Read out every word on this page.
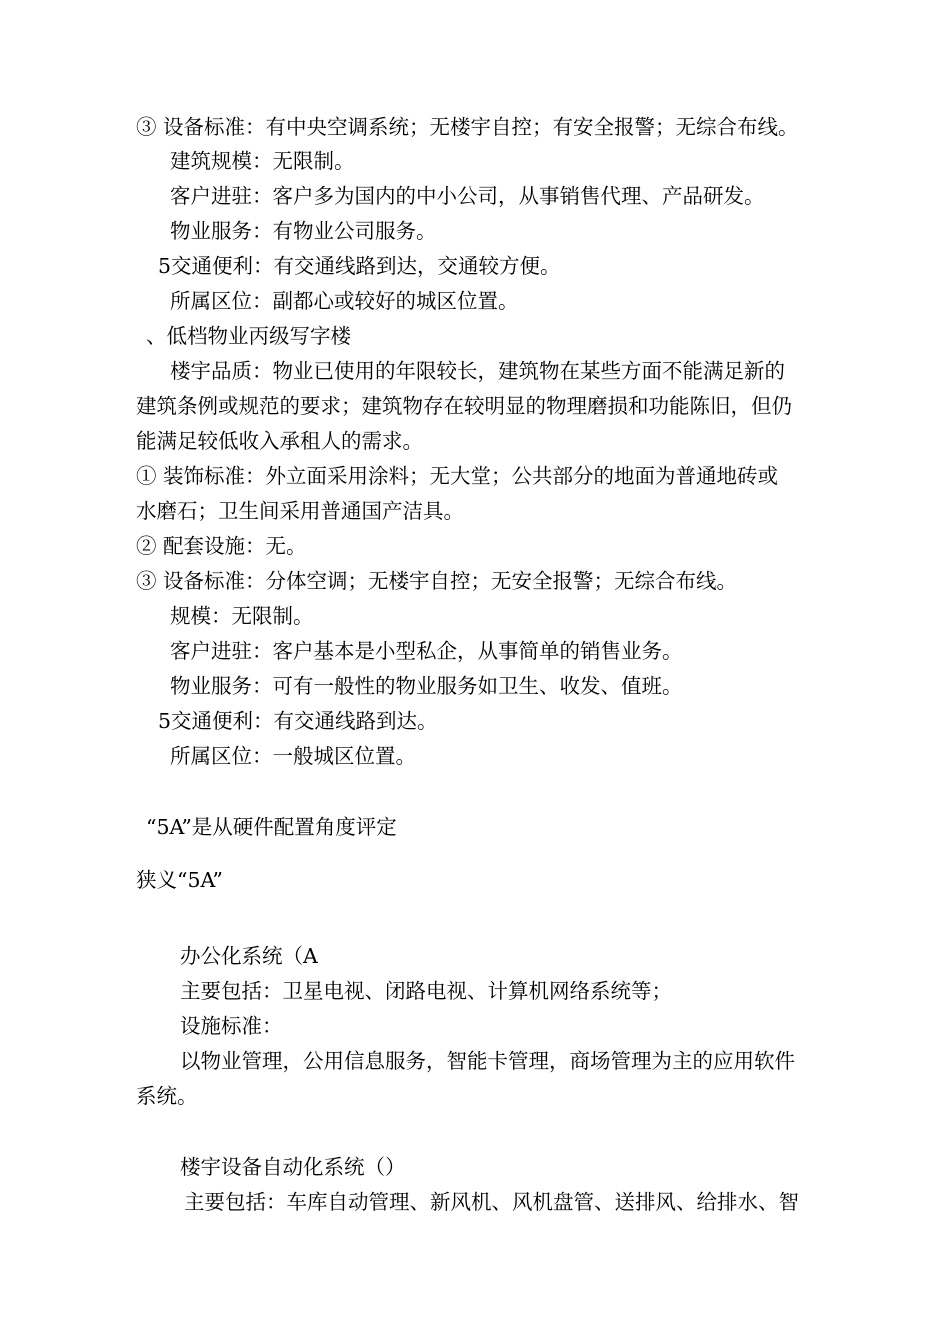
③ 设备标准：有中央空调系统；无楼宇自控；有安全报警；无综合布线。
建筑规模：无限制。
客户进驻：客户多为国内的中小公司，从事销售代理、产品研发。
物业服务：有物业公司服务。
5交通便利：有交通线路到达，交通较方便。
所属区位：副都心或较好的城区位置。
、低档物业丙级写字楼
楼宇品质：物业已使用的年限较长，建筑物在某些方面不能满足新的
建筑条例或规范的要求；建筑物存在较明显的物理磨损和功能陈旧，但仍
能满足较低收入承租人的需求。
① 装饰标准：外立面采用涂料；无大堂；公共部分的地面为普通地砖或
水磨石；卫生间采用普通国产洁具。
② 配套设施：无。
③ 设备标准：分体空调；无楼宇自控；无安全报警；无综合布线。
规模：无限制。
客户进驻：客户基本是小型私企，从事简单的销售业务。
物业服务：可有一般性的物业服务如卫生、收发、值班。
5交通便利：有交通线路到达。
所属区位：一般城区位置。
“5A”是从硬件配置角度评定
狭义“5A”
办公化系统（A
主要包括：卫星电视、闭路电视、计算机网络系统等；
设施标准：
以物业管理，公用信息服务，智能卡管理，商场管理为主的应用软件
系统。
楼宇设备自动化系统（）
主要包括：车库自动管理、新风机、风机盘管、送排风、给排水、智
